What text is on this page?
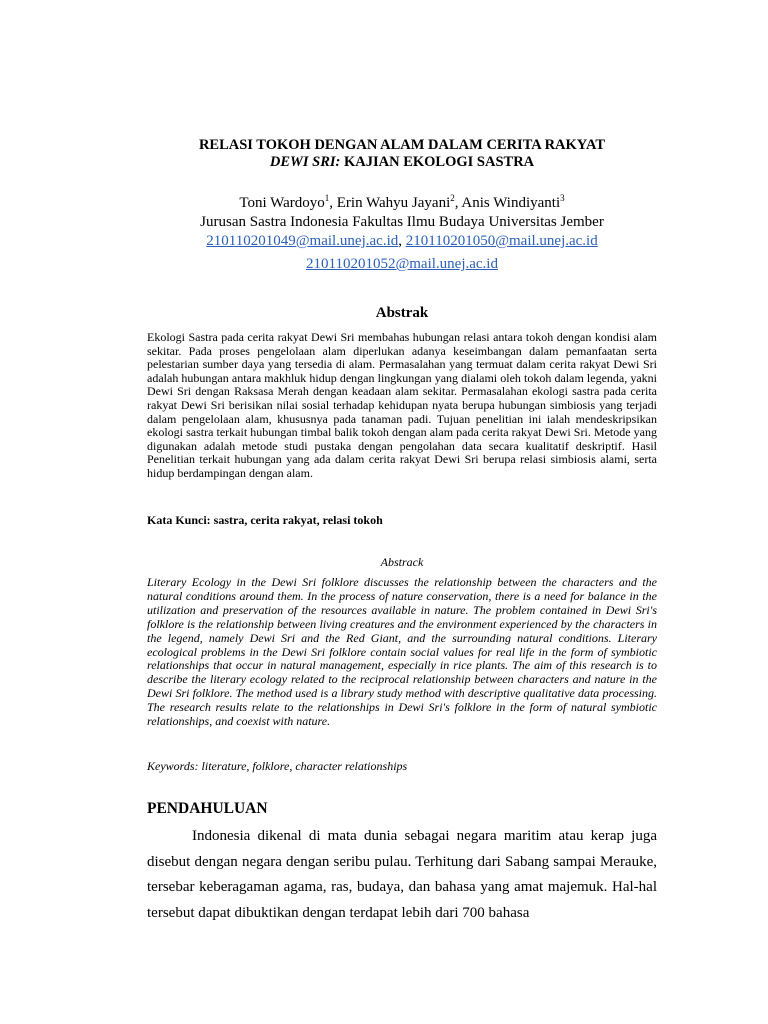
RELASI TOKOH DENGAN ALAM DALAM CERITA RAKYAT
DEWI SRI: KAJIAN EKOLOGI SASTRA
Toni Wardoyo$^1$, Erin Wahyu Jayani$^2$, Anis Windiyanti$^3$
Jurusan Sastra Indonesia Fakultas Ilmu Budaya Universitas Jember
210110201049@mail.unej.ac.id, 210110201050@mail.unej.ac.id
210110201052@mail.unej.ac.id
Abstrak
Ekologi Sastra pada cerita rakyat Dewi Sri membahas hubungan relasi antara tokoh dengan kondisi alam sekitar. Pada proses pengelolaan alam diperlukan adanya keseimbangan dalam pemanfaatan serta pelestarian sumber daya yang tersedia di alam. Permasalahan yang termuat dalam cerita rakyat Dewi Sri adalah hubungan antara makhluk hidup dengan lingkungan yang dialami oleh tokoh dalam legenda, yakni Dewi Sri dengan Raksasa Merah dengan keadaan alam sekitar. Permasalahan ekologi sastra pada cerita rakyat Dewi Sri berisikan nilai sosial terhadap kehidupan nyata berupa hubungan simbiosis yang terjadi dalam pengelolaan alam, khususnya pada tanaman padi. Tujuan penelitian ini ialah mendeskripsikan ekologi sastra terkait hubungan timbal balik tokoh dengan alam pada cerita rakyat Dewi Sri. Metode yang digunakan adalah metode studi pustaka dengan pengolahan data secara kualitatif deskriptif. Hasil Penelitian terkait hubungan yang ada dalam cerita rakyat Dewi Sri berupa relasi simbiosis alami, serta hidup berdampingan dengan alam.
Kata Kunci: sastra, cerita rakyat, relasi tokoh
Abstrack
Literary Ecology in the Dewi Sri folklore discusses the relationship between the characters and the natural conditions around them. In the process of nature conservation, there is a need for balance in the utilization and preservation of the resources available in nature. The problem contained in Dewi Sri's folklore is the relationship between living creatures and the environment experienced by the characters in the legend, namely Dewi Sri and the Red Giant, and the surrounding natural conditions. Literary ecological problems in the Dewi Sri folklore contain social values for real life in the form of symbiotic relationships that occur in natural management, especially in rice plants. The aim of this research is to describe the literary ecology related to the reciprocal relationship between characters and nature in the Dewi Sri folklore. The method used is a library study method with descriptive qualitative data processing. The research results relate to the relationships in Dewi Sri's folklore in the form of natural symbiotic relationships, and coexist with nature.
Keywords: literature, folklore, character relationships
PENDAHULUAN
Indonesia dikenal di mata dunia sebagai negara maritim atau kerap juga disebut dengan negara dengan seribu pulau. Terhitung dari Sabang sampai Merauke, tersebar keberagaman agama, ras, budaya, dan bahasa yang amat majemuk. Hal-hal tersebut dapat dibuktikan dengan terdapat lebih dari 700 bahasa
